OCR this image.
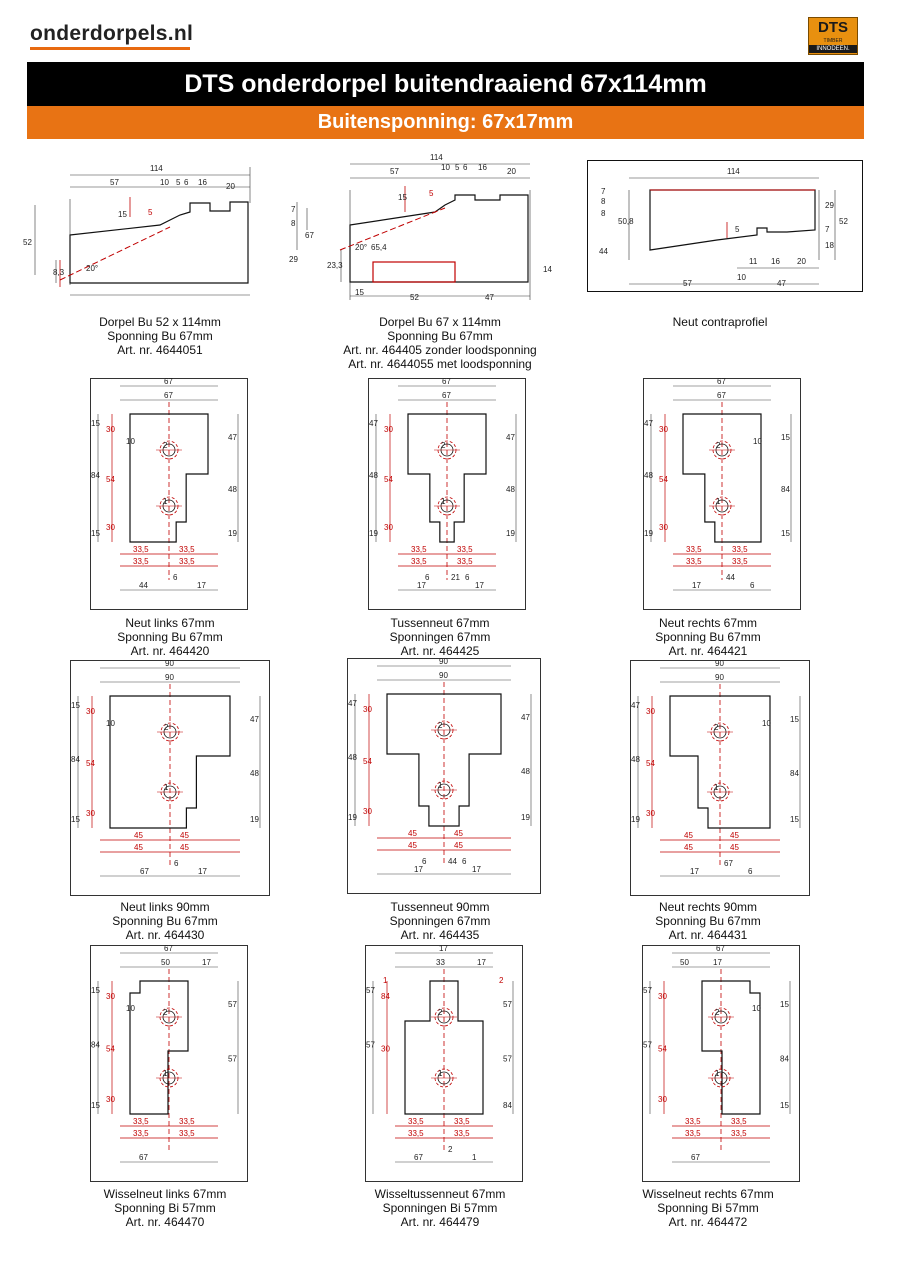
onderdorpels.nl	DTS
TIMBER
INNODEEN.
DTS onderdorpel buitendraaiend 67x114mm
Buitensponning: 67x17mm
114
57	10 5 6 16 20
15	5
52
8,3	20°
Dorpel Bu 52 x 114mm
Sponning Bu 67mm
Art. nr. 4644051
114
57	10 5 6 16	20
15	5
7
8
67
29
23,3
20° 65,4
14
15
52	47
Dorpel Bu 67 x 114mm
Sponning Bu 67mm
Art. nr. 464405 zonder loodsponning
Art. nr. 4644055 met loodsponning
114
7
8
8
50,8
44
5
29
7
18
52
11 16 20
10
57	47
Neut contraprofiel
2
1
67
67
15
84
15
30
54
30
10	47
48
19
33,5	33,5
33,5	33,5
44
6
17
Neut links 67mm
Sponning Bu 67mm
Art. nr. 464420
2
1
67
67
47
48
19
30
54
30
47
48
19
33,5	33,5
33,5	33,5
17
21
17
6	6
Tussenneut 67mm
Sponningen 67mm
Art. nr. 464425
2
1
67
67
47
48
19
30
54
30
10 15
84
15
33,5	33,5
33,5	33,5
17
44
6
Neut rechts 67mm
Sponning Bu 67mm
Art. nr. 464421
2
1
90
90
15
84
15
30
54
30
10	47
48
19
45	45
45	45
67
6
17
Neut links 90mm
Sponning Bu 67mm
Art. nr. 464430
2
1
90
90
47
48
19
30
54
30
47
48
19
45	45
45	45
17
44
17
6	6
Tussenneut 90mm
Sponningen 67mm
Art. nr. 464435
2
1
90
90
47
48
19
30
54
30
10 15
84
15
45	45
45	45
17
67
6
Neut rechts 90mm
Sponning Bu 67mm
Art. nr. 464431
2
1
67
50	17
15
84
15
30
54
30
10	57
57
33,5	33,5
33,5	33,5
67
Wisselneut links 67mm
Sponning Bi 57mm
Art. nr. 464470
2
1
17
33	17
57
57
84
30
1	2
57
57
84
33,5	33,5
33,5	33,5
67
2
1
Wisseltussenneut 67mm
Sponningen Bi 57mm
Art. nr. 464479
2
1
67
17
50
57
57
30
54
30
10 15
84
15
33,5	33,5
33,5	33,5
67
Wisselneut rechts 67mm
Sponning Bi 57mm
Art. nr. 464472
